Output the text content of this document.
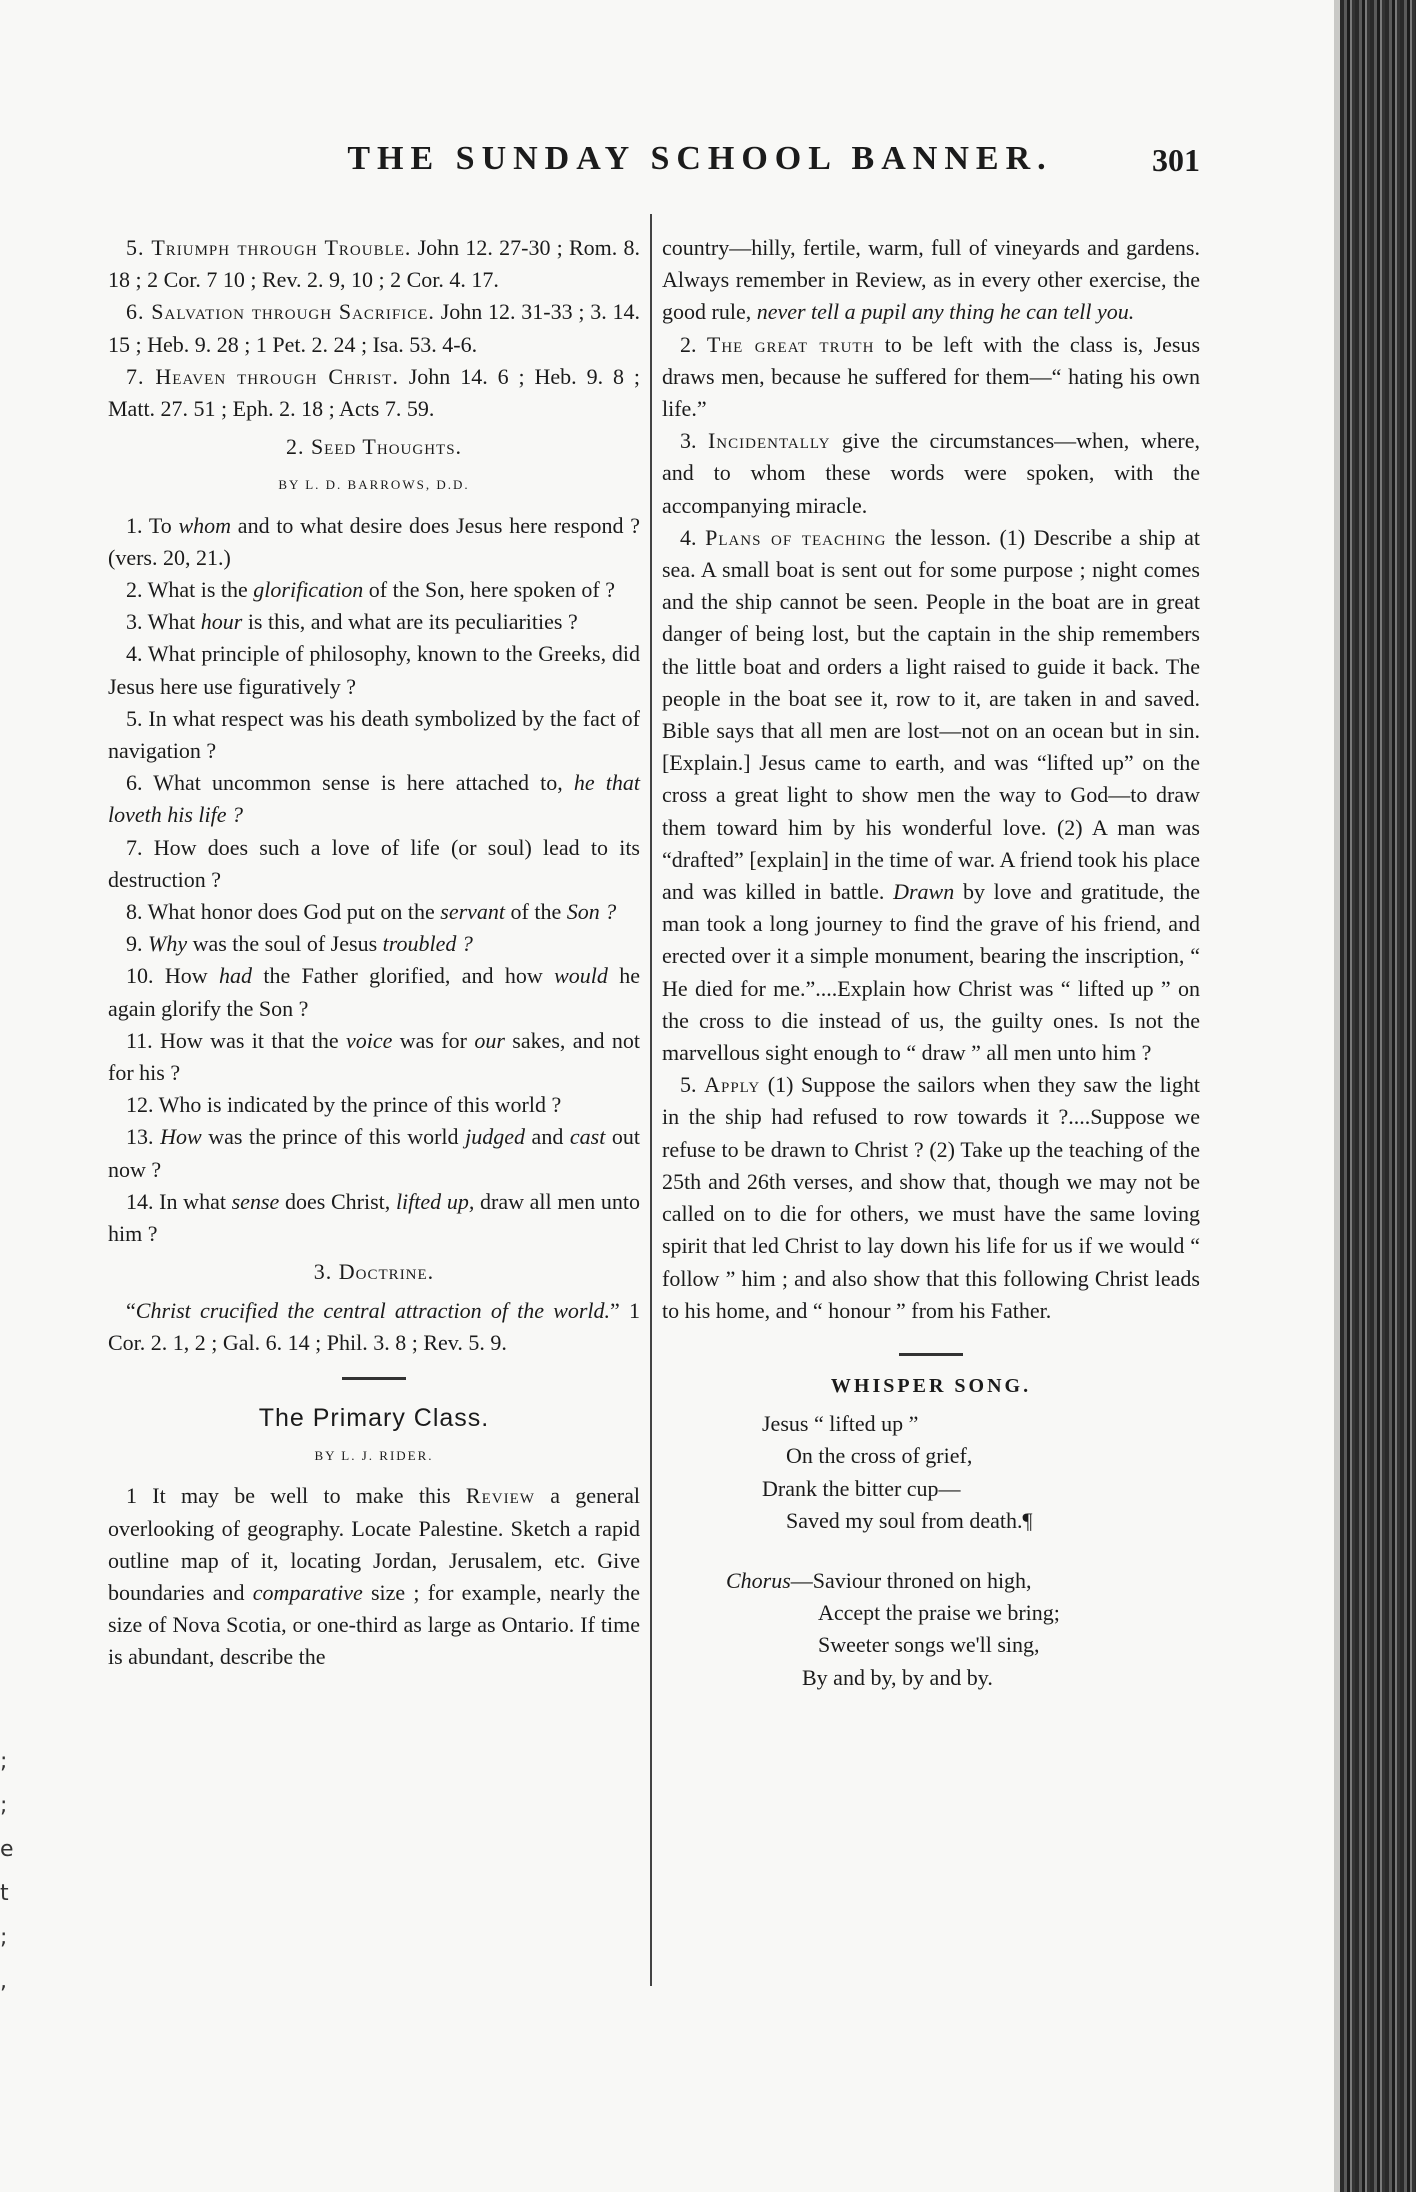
;
;
e
t
;
,
THE SUNDAY SCHOOL BANNER.	301

5. Triumph through Trouble. John 12. 27-30 ; Rom. 8. 18 ; 2 Cor. 7 10 ; Rev. 2. 9, 10 ; 2 Cor. 4. 17.

6. Salvation through Sacrifice. John 12. 31-33 ; 3. 14. 15 ; Heb. 9. 28 ; 1 Pet. 2. 24 ; Isa. 53. 4-6.

7. Heaven through Christ. John 14. 6 ; Heb. 9. 8 ; Matt. 27. 51 ; Eph. 2. 18 ; Acts 7. 59.

2. Seed Thoughts.

BY L. D. BARROWS, D.D.

1. To whom and to what desire does Jesus here respond ? (vers. 20, 21.)

2. What is the glorification of the Son, here spoken of ?

3. What hour is this, and what are its peculiarities ?

4. What principle of philosophy, known to the Greeks, did Jesus here use figuratively ?

5. In what respect was his death symbolized by the fact of navigation ?

6. What uncommon sense is here attached to, he that loveth his life ?

7. How does such a love of life (or soul) lead to its destruction ?

8. What honor does God put on the servant of the Son ?

9. Why was the soul of Jesus troubled ?

10. How had the Father glorified, and how would he again glorify the Son ?

11. How was it that the voice was for our sakes, and not for his ?

12. Who is indicated by the prince of this world ?

13. How was the prince of this world judged and cast out now ?

14. In what sense does Christ, lifted up, draw all men unto him ?

3. Doctrine.

“Christ crucified the central attraction of the world.” 1 Cor. 2. 1, 2 ; Gal. 6. 14 ; Phil. 3. 8 ; Rev. 5. 9.

The Primary Class.

BY L. J. RIDER.

1 It may be well to make this Review a general overlooking of geography. Locate Palestine. Sketch a rapid outline map of it, locating Jordan, Jerusalem, etc. Give boundaries and comparative size ; for example, nearly the size of Nova Scotia, or one-third as large as Ontario. If time is abundant, describe the

country—hilly, fertile, warm, full of vineyards and gardens. Always remember in Review, as in every other exercise, the good rule, never tell a pupil any thing he can tell you.

2. The great truth to be left with the class is, Jesus draws men, because he suffered for them—“ hating his own life.”

3. Incidentally give the circumstances—when, where, and to whom these words were spoken, with the accompanying miracle.

4. Plans of teaching the lesson. (1) Describe a ship at sea. A small boat is sent out for some purpose ; night comes and the ship cannot be seen. People in the boat are in great danger of being lost, but the captain in the ship remembers the little boat and orders a light raised to guide it back. The people in the boat see it, row to it, are taken in and saved. Bible says that all men are lost—not on an ocean but in sin. [Explain.] Jesus came to earth, and was “lifted up” on the cross a great light to show men the way to God—to draw them toward him by his wonderful love. (2) A man was “drafted” [explain] in the time of war. A friend took his place and was killed in battle. Drawn by love and gratitude, the man took a long journey to find the grave of his friend, and erected over it a simple monument, bearing the inscription, “ He died for me.”....Explain how Christ was “ lifted up ” on the cross to die instead of us, the guilty ones. Is not the marvellous sight enough to “ draw ” all men unto him ?

5. Apply (1) Suppose the sailors when they saw the light in the ship had refused to row towards it ?....Suppose we refuse to be drawn to Christ ? (2) Take up the teaching of the 25th and 26th verses, and show that, though we may not be called on to die for others, we must have the same loving spirit that led Christ to lay down his life for us if we would “ follow ” him ; and also show that this following Christ leads to his home, and “ honour ” from his Father.

WHISPER SONG.

Jesus “ lifted up ”

On the cross of grief,

Drank the bitter cup—

Saved my soul from death.¶

Chorus—Saviour throned on high,

Accept the praise we bring;

Sweeter songs we'll sing,

By and by, by and by.
